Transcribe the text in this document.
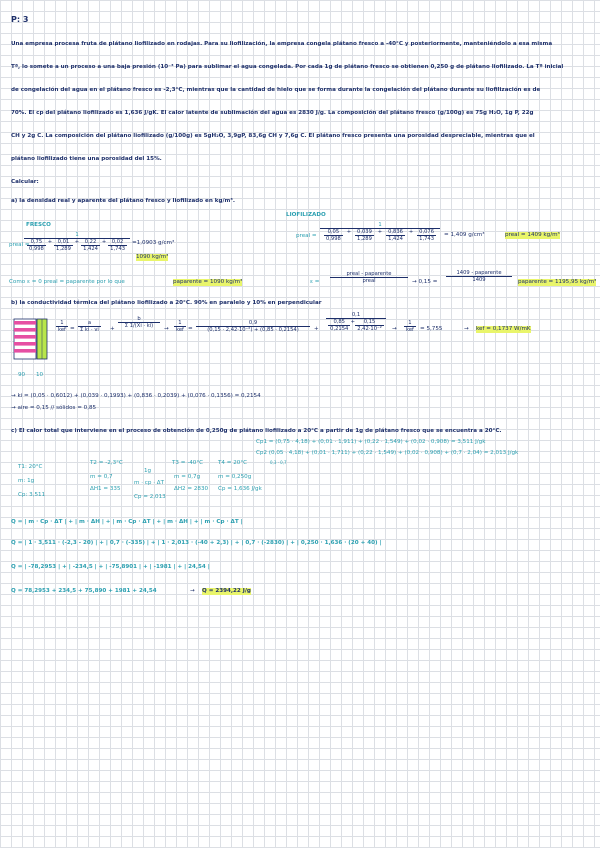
P: 3
Una empresa procesa fruta de plátano liofilizado en rodajas. Para su liofilización, la empresa congela plátano fresco a -40°C y posteriormente, manteniéndolo a esa misma
Tª, lo somete a un proceso a una baja presión (10⁻³ Pa) para sublimar el agua congelada. Por cada 1g de plátano fresco se obtienen 0,250 g de plátano liofilizado. La Tª inicial
de congelación del agua en el plátano fresco es -2,3°C, mientras que la cantidad de hielo que se forma durante la congelación del plátano durante su liofilización es de
70%. El cp del plátano liofilizado es 1,636 J/gK. El calor latente de sublimación del agua es 2830 J/g. La composición del plátano fresco (g/100g) es 75g H₂O, 1g P, 22g
CH y 2g C. La composición del plátano liofilizado (g/100g) es 5gH₂O, 3,9gP, 83,6g CH y 7,6g C. El plátano fresco presenta una porosidad despreciable, mientras que el
plátano liofilizado tiene una porosidad del 15%.
Calcular:
a) la densidad real y aparente del plátano fresco y liofilizado en kg/m³.
FRESCO
LIOFILIZADO
preal =
1
$\frac{0,75}{0,998} + \frac{0,01}{1,289} + \frac{0,22}{1,424} + \frac{0,02}{1,743} =1,0903$ g/cm³
1090 kg/m³
preal =
1
$\frac{0,05}{0,998} + \frac{0,039}{1,289} + \frac{0,836}{1,424} + \frac{0,076}{1,743} = 1,409$ g/cm³	preal = 1409 kg/m³
Como ε = 0 preal = paparente por lo que	paparente = 1090 kg/m³	ε =
preal - paparente
preal	→ 0,15 =
1409 - paparente
1409	paparente = 1195,95 kg/m³
b) la conductividad térmica del plátano liofilizado a 20°C. 90% en paralelo y 10% en perpendicular
90 10
1
kef = $\frac{a}{\text{Σ ki · vi}} + \frac{b}{\Sigma 1/(Xi \cdot ki)}$ →
1
kef = $\frac{0,9}{\text{(0,15 · 2,42·10⁻²) + (0,85 · 0,2154)}} + \frac{0,1}{\frac{0,85}{0,2154} + \frac{0,15}{\text{2,42·10⁻²}}}$ →
1
kef	= 5,755	→ kef = 0,1737 W/mK
→ ki = (0,05 · 0,6012) + (0,039 · 0,1993) + (0,836 · 0,2039) + (0,076 · 0,1356) = 0,2154
→ aire = 0,15 // sólidos = 0,85
c) El calor total que interviene en el proceso de obtención de 0,250g de plátano liofilizado a 20°C a partir de 1g de plátano fresco que se encuentra a 20°C.
Cp1 = (0,75 · 4,18) + (0,01 · 1,911) + (0,22 · 1,549) + (0,02 · 0,908) = 3,511 J/gk
Cp2 (0,05 · 4,18) + (0,01 · 1,711) + (0,22 · 1,549) + (0,02 · 0,908) + (0,7 · 2,04) = 2,013 J/gk
0,3 · 0,7
T1: 20°C
m: 1g
Cp: 3,511
T2 = -2,3°C
m = 0,7
ΔH1 = 335
1g
m · cp · ΔT
Cp = 2,013
T3 = -40°C
m = 0,7g
ΔH2 = 2830
T4 = 20°C
m = 0,250g
Cp = 1,636 J/gk
Q = | m · Cp · ΔT | + | m · ΔH | + | m · Cp · ΔT | + | m · ΔH | + | m · Cp · ΔT |
Q = | 1 · 3,511 · (-2,3 - 20) | + | 0,7 · (-335) | + | 1 · 2,013 · (-40 + 2,3) | + | 0,7 · (-2830) | + | 0,250 · 1,636 · (20 + 40) |
Q = | -78,2953 | + | -234,5 | + | -75,8901 | + | -1981 | + | 24,54 |
Q = 78,2953 + 234,5 + 75,890 + 1981 + 24,54	→ Q = 2394,22 J/g
